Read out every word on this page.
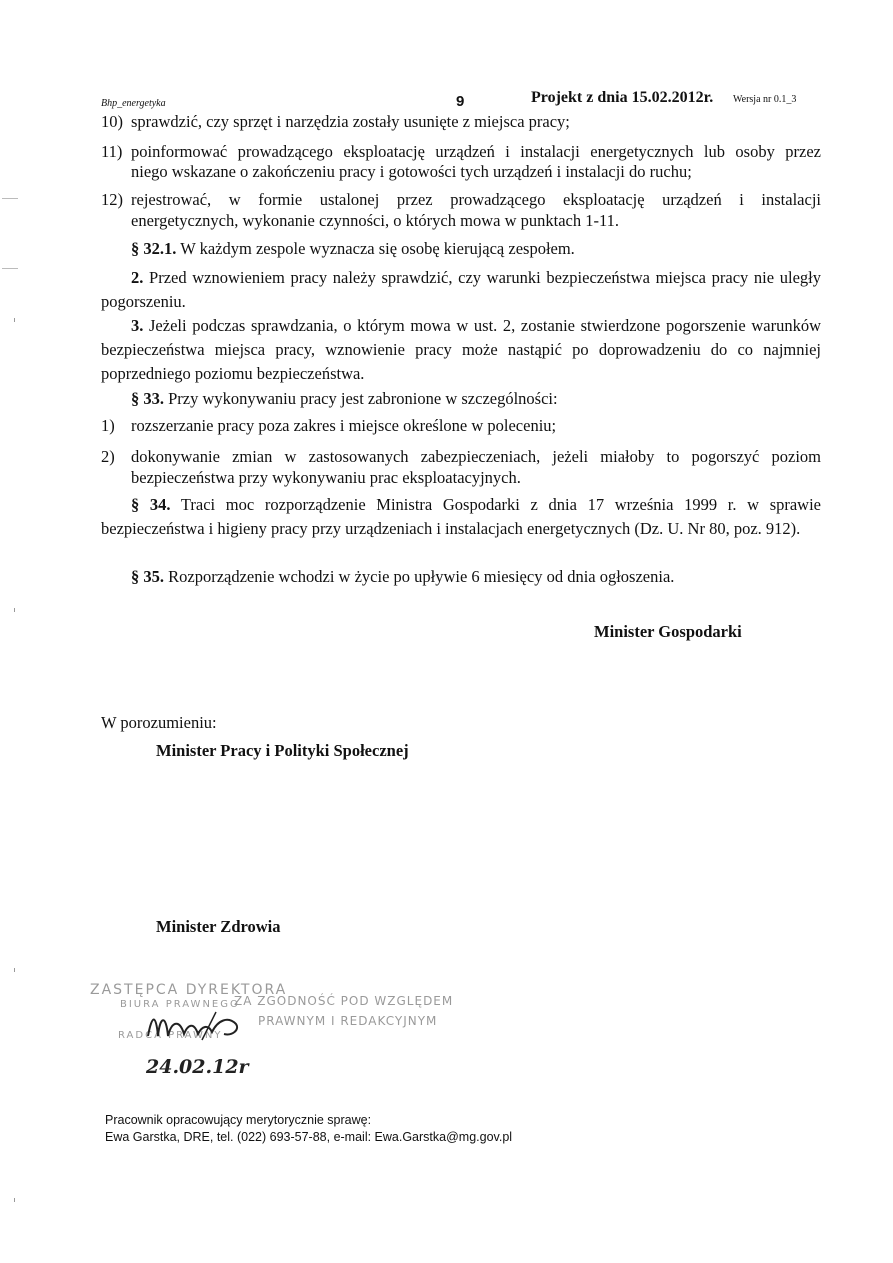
Bhp_energetyka	9	Projekt z dnia 15.02.2012r. Wersja nr 0.1_3
10) sprawdzić, czy sprzęt i narzędzia zostały usunięte z miejsca pracy;
11) poinformować prowadzącego eksploatację urządzeń i instalacji energetycznych lub osoby przez
niego wskazane o zakończeniu pracy i gotowości tych urządzeń i instalacji do ruchu;
12) rejestrować, w formie ustalonej przez prowadzącego eksploatację urządzeń i instalacji
energetycznych, wykonanie czynności, o których mowa w punktach 1-11.
§ 32.1. W każdym zespole wyznacza się osobę kierującą zespołem.
2. Przed wznowieniem pracy należy sprawdzić, czy warunki bezpieczeństwa miejsca pracy nie uległy pogorszeniu.
3. Jeżeli podczas sprawdzania, o którym mowa w ust. 2, zostanie stwierdzone pogorszenie warunków bezpieczeństwa miejsca pracy, wznowienie pracy może nastąpić po doprowadzeniu do co najmniej poprzedniego poziomu bezpieczeństwa.
§ 33. Przy wykonywaniu pracy jest zabronione w szczególności:
1) rozszerzanie pracy poza zakres i miejsce określone w poleceniu;
2) dokonywanie zmian w zastosowanych zabezpieczeniach, jeżeli miałoby to pogorszyć poziom
bezpieczeństwa przy wykonywaniu prac eksploatacyjnych.
§ 34. Traci moc rozporządzenie Ministra Gospodarki z dnia 17 września 1999 r. w sprawie bezpieczeństwa i higieny pracy przy urządzeniach i instalacjach energetycznych (Dz. U. Nr 80, poz. 912).
§ 35. Rozporządzenie wchodzi w życie po upływie 6 miesięcy od dnia ogłoszenia.
Minister Gospodarki
W porozumieniu:
Minister Pracy i Polityki Społecznej
Minister Zdrowia
ZASTĘPCA DYREKTORA
BIURA PRAWNEGO
ZA ZGODNOŚĆ POD WZGLĘDEM
PRAWNYM I REDAKCYJNYM
RADCA PRAWNY
24.02.12r
Pracownik opracowujący merytorycznie sprawę:
Ewa Garstka, DRE, tel. (022) 693-57-88, e-mail: Ewa.Garstka@mg.gov.pl
